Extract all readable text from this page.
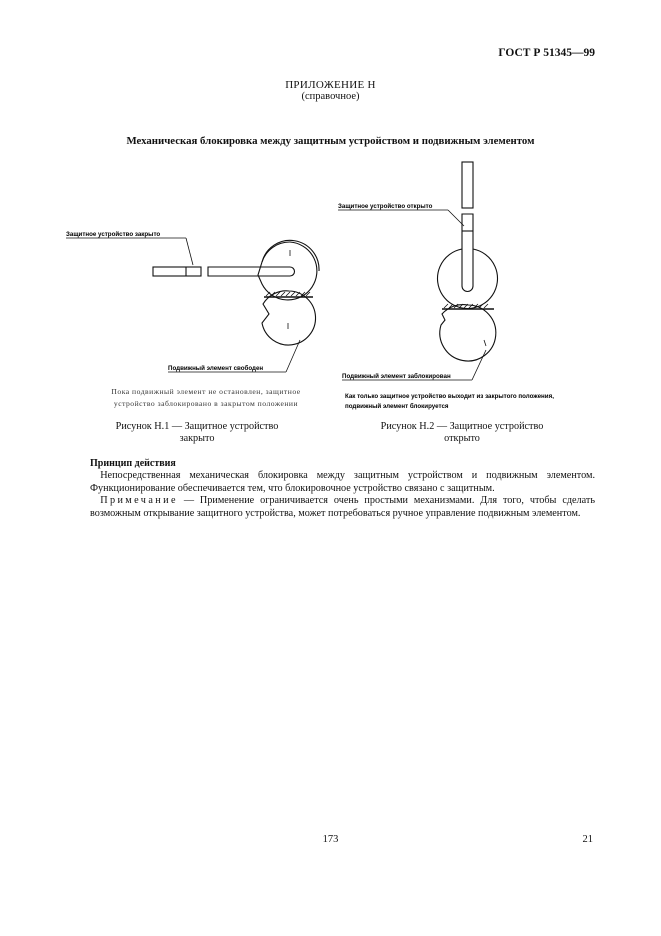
ГОСТ Р 51345—99
ПРИЛОЖЕНИЕ Н
(справочное)
Механическая блокировка между защитным устройством и подвижным элементом
Защитное устройство закрыто
Подвижный элемент свободен
Защитное устройство открыто
Подвижный элемент заблокирован
Как только защитное устройство выходит из закрытого положения,
подвижный элемент блокируется
Пока подвижный элемент не остановлен, защитное
устройство заблокировано в закрытом положении
Рисунок Н.1 — Защитное устройство
закрыто
Рисунок Н.2 — Защитное устройство
открыто
Принцип действия
 Непосредственная механическая блокировка между защитным устройством и подвижным элементом. Функционирование обеспечивается тем, что блокировочное устройство связано с защитным.
 Примечание — Применение ограничивается очень простыми механизмами. Для того, чтобы сделать возможным открывание защитного устройства, может потребоваться ручное управление подвижным элементом.
173	21
